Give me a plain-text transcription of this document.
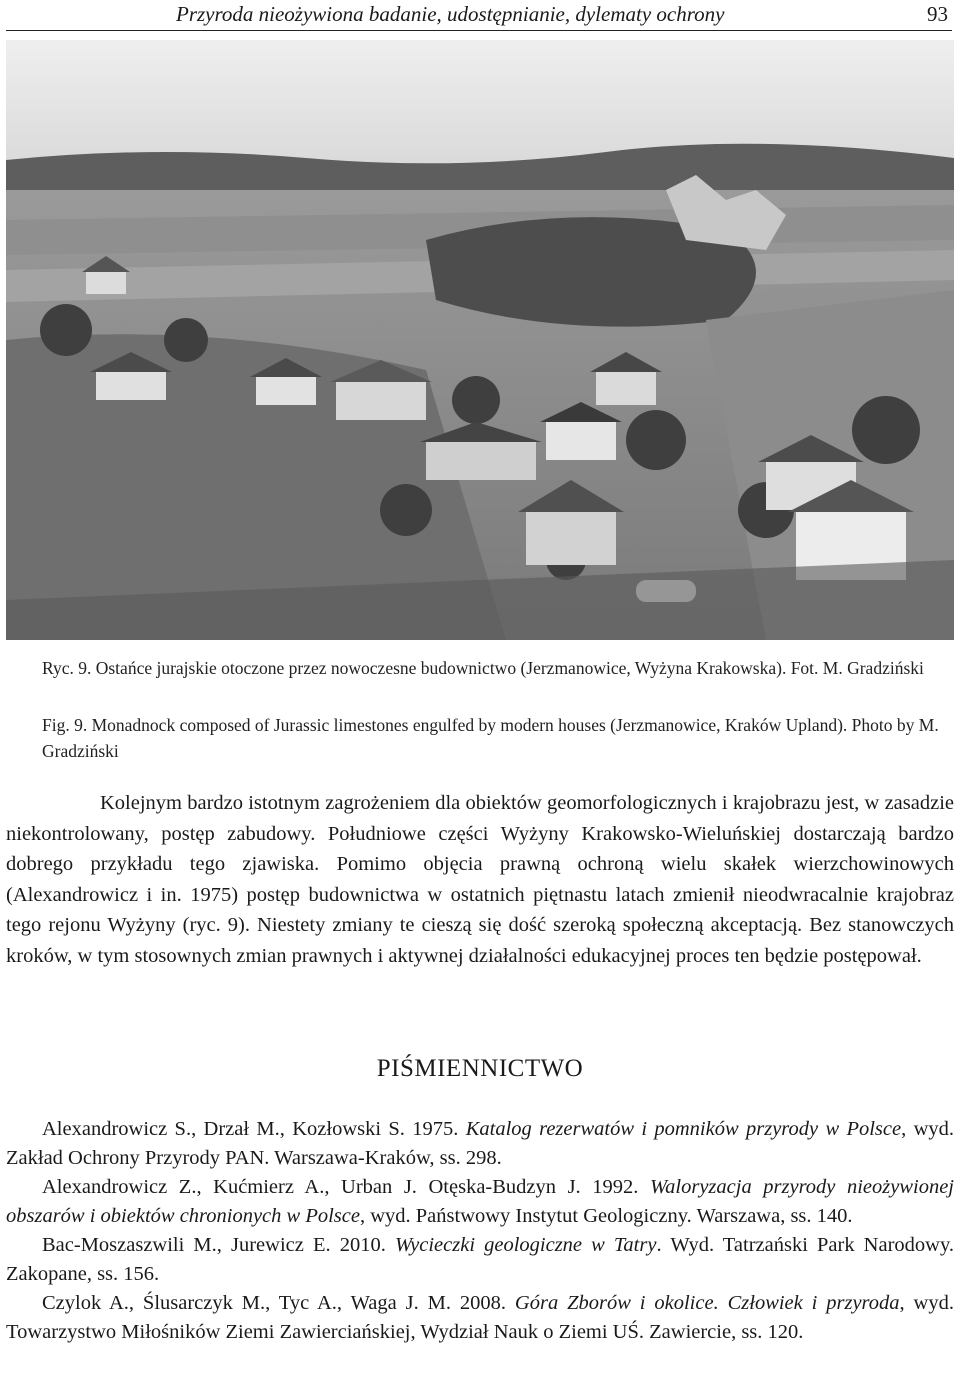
Przyroda nieożywiona badanie, udostępnianie, dylematy ochrony	93
Ryc. 9. Ostańce jurajskie otoczone przez nowoczesne budownictwo (Jerzmanowice, Wyżyna Krakowska). Fot. M. Gradziński
Fig. 9. Monadnock composed of Jurassic limestones engulfed by modern houses (Jerzmanowice, Kraków Upland). Photo by M. Gradziński

Kolejnym bardzo istotnym zagrożeniem dla obiektów geomorfologicznych i krajobrazu jest, w zasadzie niekontrolowany, postęp zabudowy. Południowe części Wyżyny Krakowsko-Wieluńskiej dostarczają bardzo dobrego przykładu tego zjawiska. Pomimo objęcia prawną ochroną wielu skałek wierzchowinowych (Alexandrowicz i in. 1975) postęp budownictwa w ostatnich piętnastu latach zmienił nieodwracalnie krajobraz tego rejonu Wyżyny (ryc. 9). Niestety zmiany te cieszą się dość szeroką społeczną akceptacją. Bez stanowczych kroków, w tym stosownych zmian prawnych i aktywnej działalności edukacyjnej proces ten będzie postępował.

PIŚMIENNICTWO

Alexandrowicz S., Drzał M., Kozłowski S. 1975. Katalog rezerwatów i pomników przyrody w Polsce, wyd. Zakład Ochrony Przyrody PAN. Warszawa-Kraków, ss. 298.

Alexandrowicz Z., Kućmierz A., Urban J. Otęska-Budzyn J. 1992. Waloryzacja przyrody nieożywionej obszarów i obiektów chronionych w Polsce, wyd. Państwowy Instytut Geologiczny. Warszawa, ss. 140.

Bac-Moszaszwili M., Jurewicz E. 2010. Wycieczki geologiczne w Tatry. Wyd. Tatrzański Park Narodowy. Zakopane, ss. 156.

Czylok A., Ślusarczyk M., Tyc A., Waga J. M. 2008. Góra Zborów i okolice. Człowiek i przyroda, wyd. Towarzystwo Miłośników Ziemi Zawierciańskiej, Wydział Nauk o Ziemi UŚ. Zawiercie, ss. 120.
